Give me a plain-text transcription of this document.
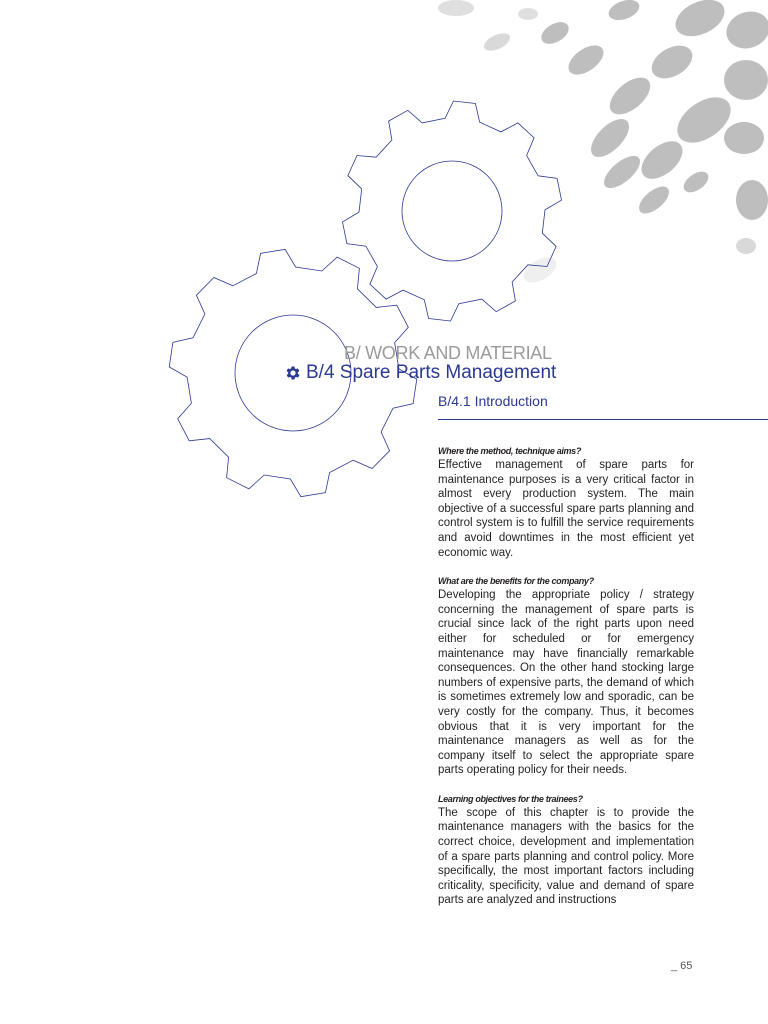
B/ WORK AND MATERIAL
B/4 Spare Parts Management
B/4.1 Introduction
Where the method, technique aims?

Effective management of spare parts for maintenance purposes is a very critical factor in almost every production system. The main objective of a successful spare parts planning and control system is to fulfill the service requirements and avoid downtimes in the most efficient yet economic way.

What are the benefits for the company?

Developing the appropriate policy / strategy concerning the management of spare parts is crucial since lack of the right parts upon need either for scheduled or for emergency maintenance may have financially remarkable consequences. On the other hand stocking large numbers of expensive parts, the demand of which is sometimes extremely low and sporadic, can be very costly for the company. Thus, it becomes obvious that it is very important for the maintenance managers as well as for the company itself to select the appropriate spare parts operating policy for their needs.

Learning objectives for the trainees?

The scope of this chapter is to provide the maintenance managers with the basics for the correct choice, development and implementation of a spare parts planning and control policy. More specifically, the most important factors including criticality, specificity, value and demand of spare parts are analyzed and instructions

_ 65
